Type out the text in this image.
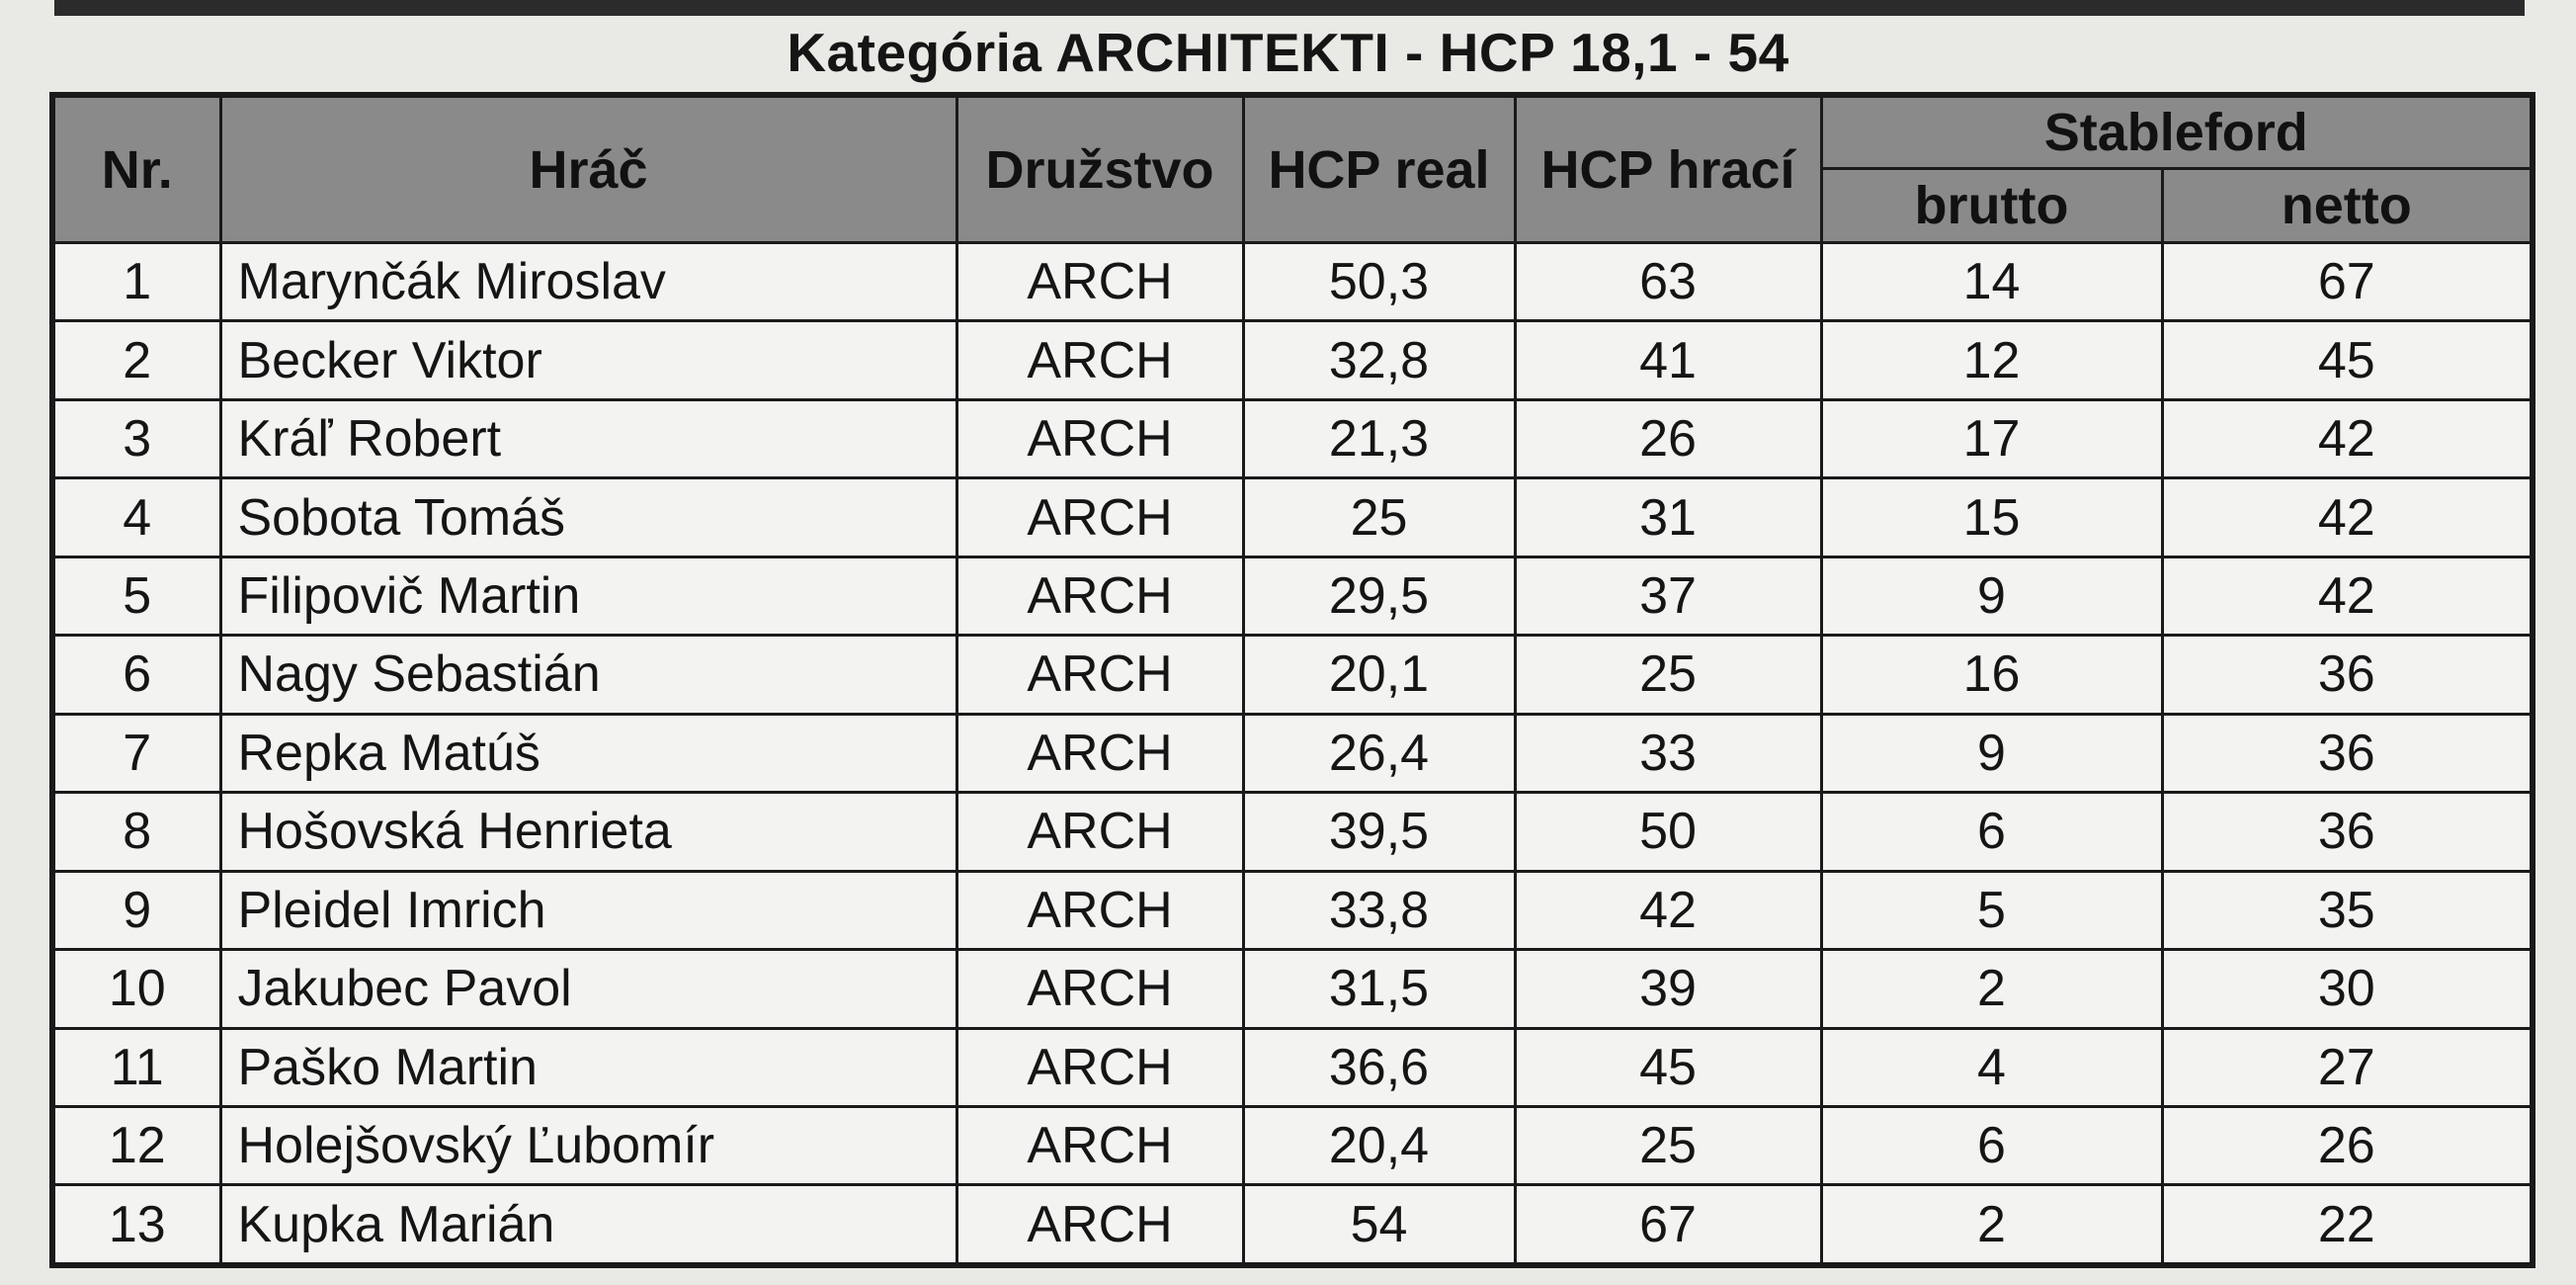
Kategória ARCHITEKTI - HCP 18,1 - 54
Nr.	Hráč	Družstvo	HCP real	HCP hrací	Stableford	
					brutto	netto
1	Marynčák Miroslav	ARCH	50,3	63	14	67
2	Becker Viktor	ARCH	32,8	41	12	45
3	Kráľ Robert	ARCH	21,3	26	17	42
4	Sobota Tomáš	ARCH	25	31	15	42
5	Filipovič Martin	ARCH	29,5	37	9	42
6	Nagy Sebastián	ARCH	20,1	25	16	36
7	Repka Matúš	ARCH	26,4	33	9	36
8	Hošovská Henrieta	ARCH	39,5	50	6	36
9	Pleidel Imrich	ARCH	33,8	42	5	35
10	Jakubec Pavol	ARCH	31,5	39	2	30
11	Paško Martin	ARCH	36,6	45	4	27
12	Holejšovský Ľubomír	ARCH	20,4	25	6	26
13	Kupka Marián	ARCH	54	67	2	22
